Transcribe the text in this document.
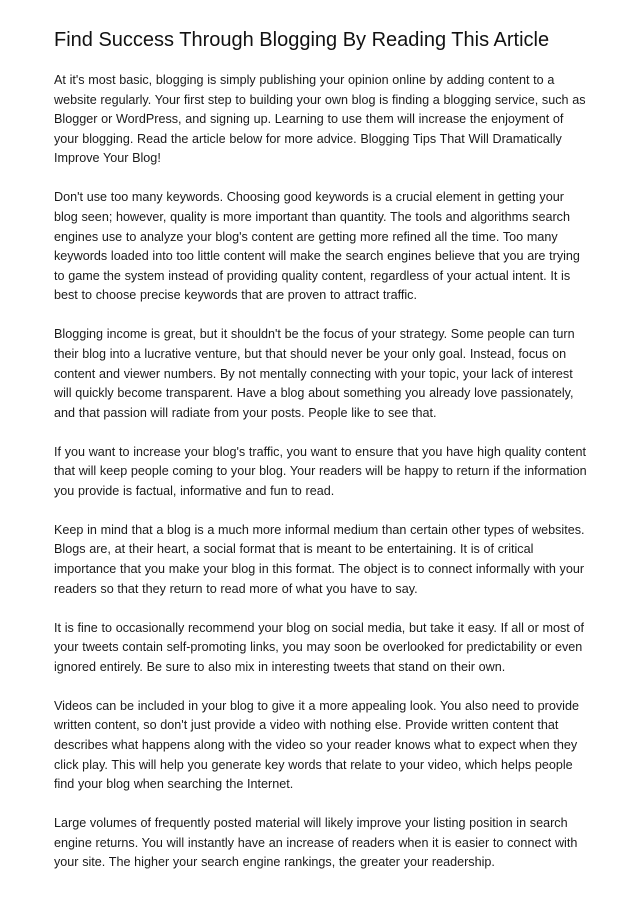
Find Success Through Blogging By Reading This Article

At it's most basic, blogging is simply publishing your opinion online by adding content to a website regularly. Your first step to building your own blog is finding a blogging service, such as Blogger or WordPress, and signing up. Learning to use them will increase the enjoyment of your blogging. Read the article below for more advice. Blogging Tips That Will Dramatically Improve Your Blog!

Don't use too many keywords. Choosing good keywords is a crucial element in getting your blog seen; however, quality is more important than quantity. The tools and algorithms search engines use to analyze your blog's content are getting more refined all the time. Too many keywords loaded into too little content will make the search engines believe that you are trying to game the system instead of providing quality content, regardless of your actual intent. It is best to choose precise keywords that are proven to attract traffic.

Blogging income is great, but it shouldn't be the focus of your strategy. Some people can turn their blog into a lucrative venture, but that should never be your only goal. Instead, focus on content and viewer numbers. By not mentally connecting with your topic, your lack of interest will quickly become transparent. Have a blog about something you already love passionately, and that passion will radiate from your posts. People like to see that.

If you want to increase your blog's traffic, you want to ensure that you have high quality content that will keep people coming to your blog. Your readers will be happy to return if the information you provide is factual, informative and fun to read.

Keep in mind that a blog is a much more informal medium than certain other types of websites. Blogs are, at their heart, a social format that is meant to be entertaining. It is of critical importance that you make your blog in this format. The object is to connect informally with your readers so that they return to read more of what you have to say.

It is fine to occasionally recommend your blog on social media, but take it easy. If all or most of your tweets contain self-promoting links, you may soon be overlooked for predictability or even ignored entirely. Be sure to also mix in interesting tweets that stand on their own.

Videos can be included in your blog to give it a more appealing look. You also need to provide written content, so don't just provide a video with nothing else. Provide written content that describes what happens along with the video so your reader knows what to expect when they click play. This will help you generate key words that relate to your video, which helps people find your blog when searching the Internet.

Large volumes of frequently posted material will likely improve your listing position in search engine returns. You will instantly have an increase of readers when it is easier to connect with your site. The higher your search engine rankings, the greater your readership.
